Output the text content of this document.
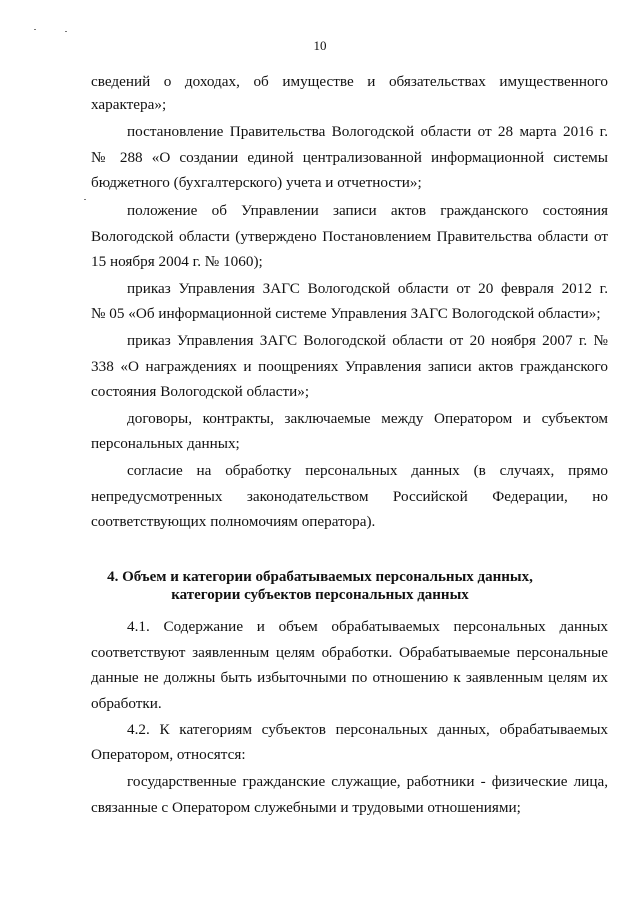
10
сведений о доходах, об имуществе и обязательствах имущественного
характера»;
постановление Правительства Вологодской области от 28 марта 2016 г.
№ 288 «О создании единой централизованной информационной системы
бюджетного (бухгалтерского) учета и отчетности»;
положение об Управлении записи актов гражданского состояния
Вологодской области (утверждено Постановлением Правительства области от
15 ноября 2004 г. № 1060);
приказ Управления ЗАГС Вологодской области от 20 февраля 2012 г.
№ 05 «Об информационной системе Управления ЗАГС Вологодской области»;
приказ Управления ЗАГС Вологодской области от 20 ноября 2007 г. №
338 «О награждениях и поощрениях Управления записи актов гражданского
состояния Вологодской области»;
договоры, контракты, заключаемые между Оператором и субъектом
персональных данных;
согласие на обработку персональных данных (в случаях, прямо
непредусмотренных законодательством Российской Федерации, но
соответствующих полномочиям оператора).
4. Объем и категории обрабатываемых персональных данных,
категории субъектов персональных данных
4.1. Содержание и объем обрабатываемых персональных данных
соответствуют заявленным целям обработки. Обрабатываемые персональные
данные не должны быть избыточными по отношению к заявленным целям их
обработки.
4.2. К категориям субъектов персональных данных, обрабатываемых
Оператором, относятся:
государственные гражданские служащие, работники - физические лица,
связанные с Оператором служебными и трудовыми отношениями;
